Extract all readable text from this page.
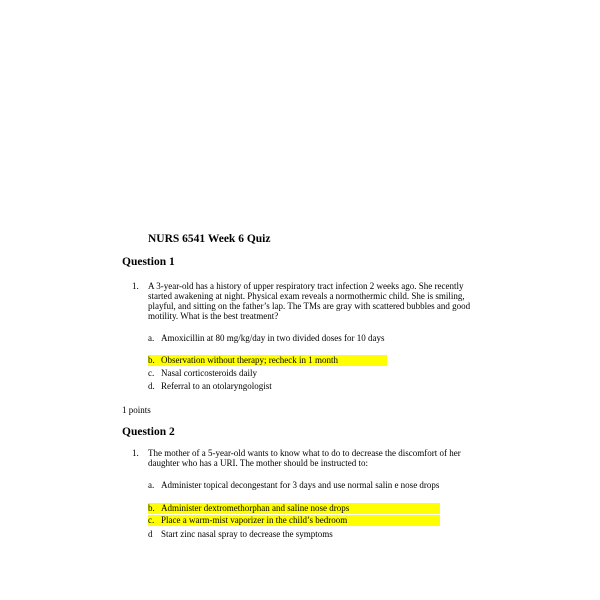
NURS 6541 Week 6 Quiz
Question 1
1. A 3-year-old has a history of upper respiratory tract infection 2 weeks ago. She recently started awakening at night. Physical exam reveals a normothermic child. She is smiling, playful, and sitting on the father’s lap. The TMs are gray with scattered bubbles and good motility. What is the best treatment?
a. Amoxicillin at 80 mg/kg/day in two divided doses for 10 days
b. Observation without therapy; recheck in 1 month
c. Nasal corticosteroids daily
d. Referral to an otolaryngologist
1 points
Question 2
1. The mother of a 5-year-old wants to know what to do to decrease the discomfort of her daughter who has a URI. The mother should be instructed to:
a. Administer topical decongestant for 3 days and use normal salin e nose drops
b. Administer dextromethorphan and saline nose drops
c. Place a warm-mist vaporizer in the child’s bedroom
d Start zinc nasal spray to decrease the symptoms
